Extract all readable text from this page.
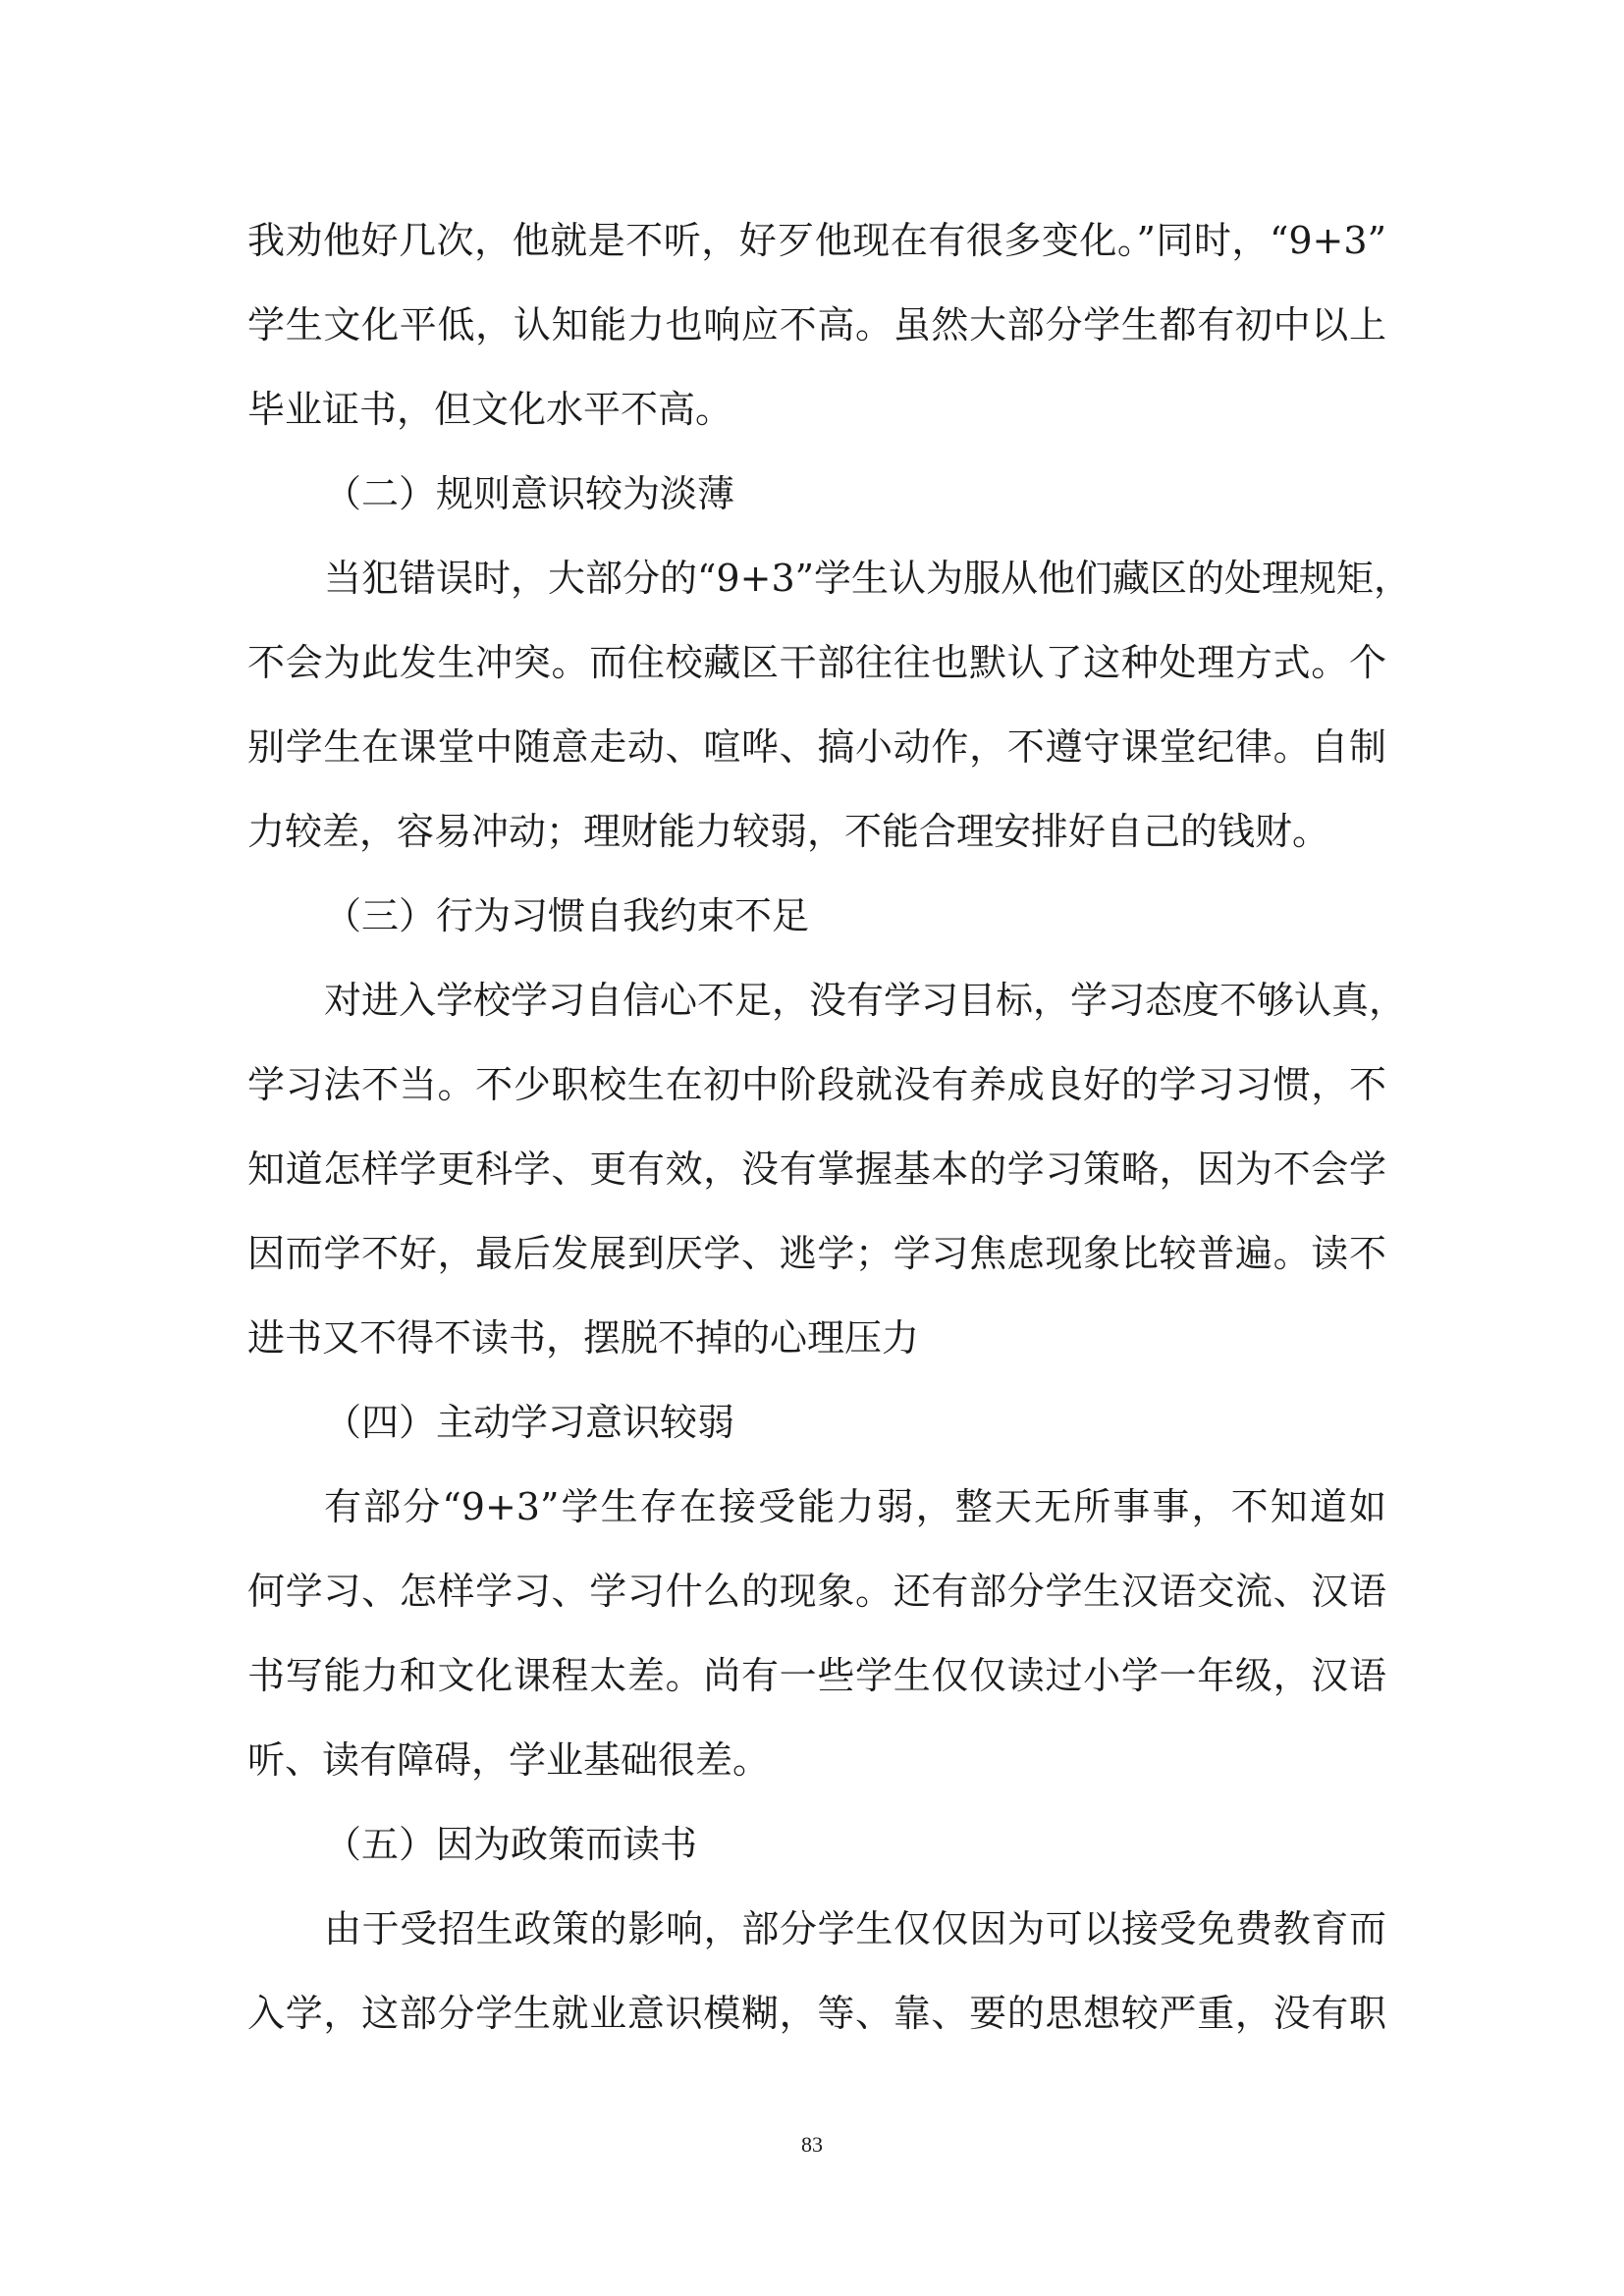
我劝他好几次，他就是不听，好歹他现在有很多变化。”同时，“9+3”
学生文化平低，认知能力也响应不高。虽然大部分学生都有初中以上
毕业证书，但文化水平不高。
（二）规则意识较为淡薄
当犯错误时，大部分的“9+3”学生认为服从他们藏区的处理规矩，
不会为此发生冲突。而住校藏区干部往往也默认了这种处理方式。个
别学生在课堂中随意走动、喧哗、搞小动作，不遵守课堂纪律。自制
力较差，容易冲动；理财能力较弱，不能合理安排好自己的钱财。
（三）行为习惯自我约束不足
对进入学校学习自信心不足，没有学习目标，学习态度不够认真，
学习法不当。不少职校生在初中阶段就没有养成良好的学习习惯，不
知道怎样学更科学、更有效，没有掌握基本的学习策略，因为不会学
因而学不好，最后发展到厌学、逃学；学习焦虑现象比较普遍。读不
进书又不得不读书，摆脱不掉的心理压力
（四）主动学习意识较弱
有部分“9+3”学生存在接受能力弱，整天无所事事，不知道如
何学习、怎样学习、学习什么的现象。还有部分学生汉语交流、汉语
书写能力和文化课程太差。尚有一些学生仅仅读过小学一年级，汉语
听、读有障碍，学业基础很差。
（五）因为政策而读书
由于受招生政策的影响，部分学生仅仅因为可以接受免费教育而
入学，这部分学生就业意识模糊，等、靠、要的思想较严重，没有职
83
